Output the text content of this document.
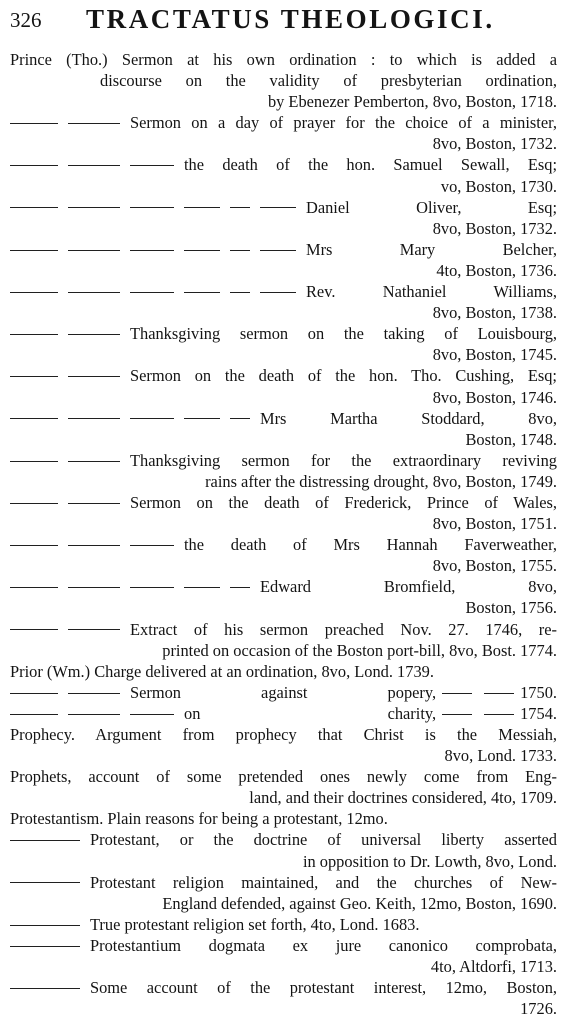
326 TRACTATUS THEOLOGICI.
Prince (Tho.) Sermon at his own ordination : to which is added a
discourse on the validity of presbyterian ordination,
by Ebenezer Pemberton, 8vo, Boston, 1718.
Sermon on a day of prayer for the choice of a minister,
8vo, Boston, 1732.
the death of the hon. Samuel Sewall, Esq;
vo, Boston, 1730.
Daniel Oliver, Esq;
8vo, Boston, 1732.
Mrs Mary Belcher,
4to, Boston, 1736.
Rev. Nathaniel Williams,
8vo, Boston, 1738.
Thanksgiving sermon on the taking of Louisbourg,
8vo, Boston, 1745.
Sermon on the death of the hon. Tho. Cushing, Esq;
8vo, Boston, 1746.
Mrs Martha Stoddard, 8vo,
Boston, 1748.
Thanksgiving sermon for the extraordinary reviving
rains after the distressing drought, 8vo, Boston, 1749.
Sermon on the death of Frederick, Prince of Wales,
8vo, Boston, 1751.
the death of Mrs Hannah Faverweather,
8vo, Boston, 1755.
Edward Bromfield, 8vo,
Boston, 1756.
Extract of his sermon preached Nov. 27. 1746, re-
printed on occasion of the Boston port-bill, 8vo, Bost. 1774.
Prior (Wm.) Charge delivered at an ordination, 8vo, Lond. 1739.
Sermon against popery,	1750.
on charity,	1754.
Prophecy. Argument from prophecy that Christ is the Messiah,
8vo, Lond. 1733.
Prophets, account of some pretended ones newly come from Eng-
land, and their doctrines considered, 4to, 1709.
Protestantism. Plain reasons for being a protestant, 12mo.
Protestant, or the doctrine of universal liberty asserted
in opposition to Dr. Lowth, 8vo, Lond.
Protestant religion maintained, and the churches of New-
England defended, against Geo. Keith, 12mo, Boston, 1690.
True protestant religion set forth, 4to, Lond. 1683.
Protestantium dogmata ex jure canonico comprobata,
4to, Altdorfi, 1713.
Some account of the protestant interest, 12mo, Boston,
1726.
